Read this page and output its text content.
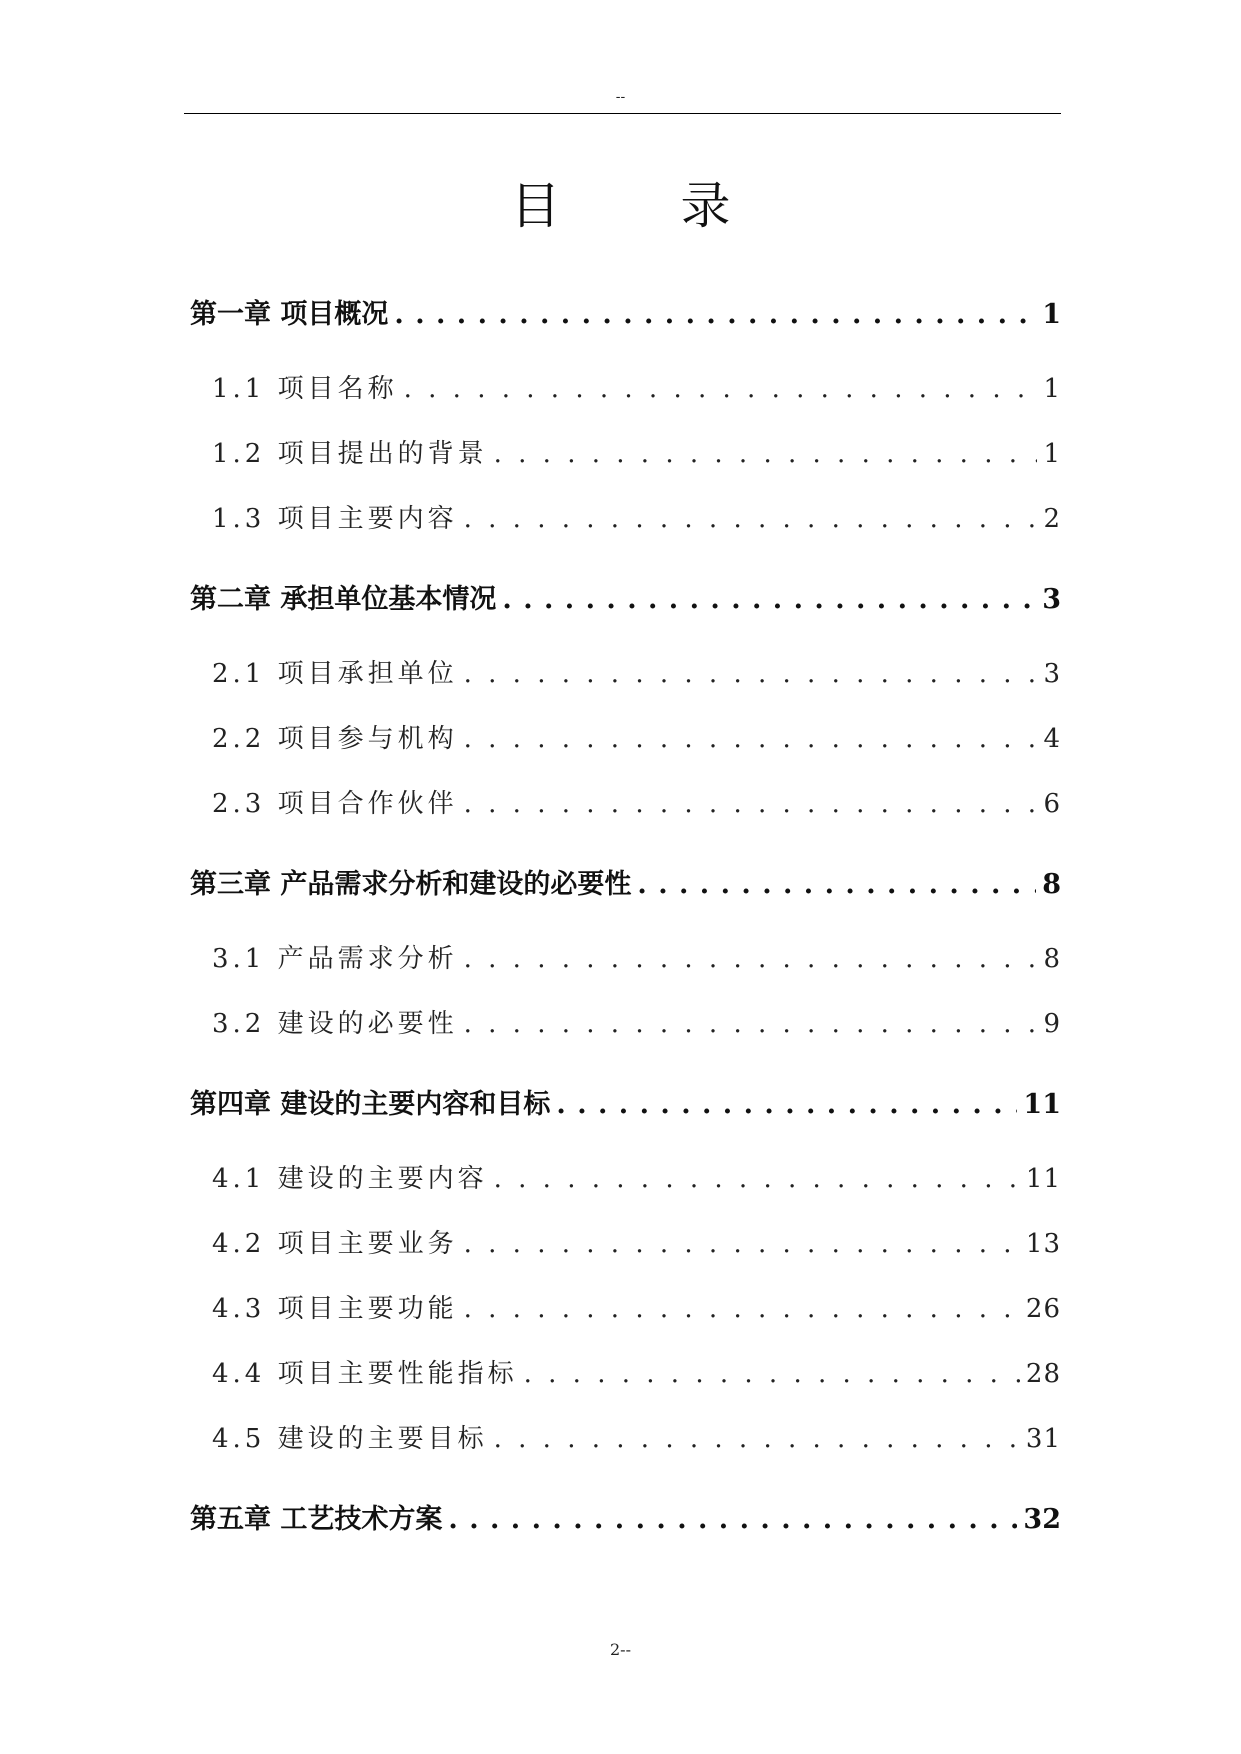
--
目录
第一章 项目概况 . . .	1
1.1 项目名称 . . .	1
1.2 项目提出的背景 . . .	1
1.3 项目主要内容 . . .	2
第二章 承担单位基本情况 . . .	3
2.1 项目承担单位 . . .	3
2.2 项目参与机构 . . .	4
2.3 项目合作伙伴 . . .	6
第三章 产品需求分析和建设的必要性 . . .	8
3.1 产品需求分析 . . .	8
3.2 建设的必要性 . . .	9
第四章 建设的主要内容和目标 . . .	11
4.1 建设的主要内容 . . .	11
4.2 项目主要业务 . . .	13
4.3 项目主要功能 . . .	26
4.4 项目主要性能指标 . . .	28
4.5 建设的主要目标 . . .	31
第五章 工艺技术方案 . . .	32
2--
